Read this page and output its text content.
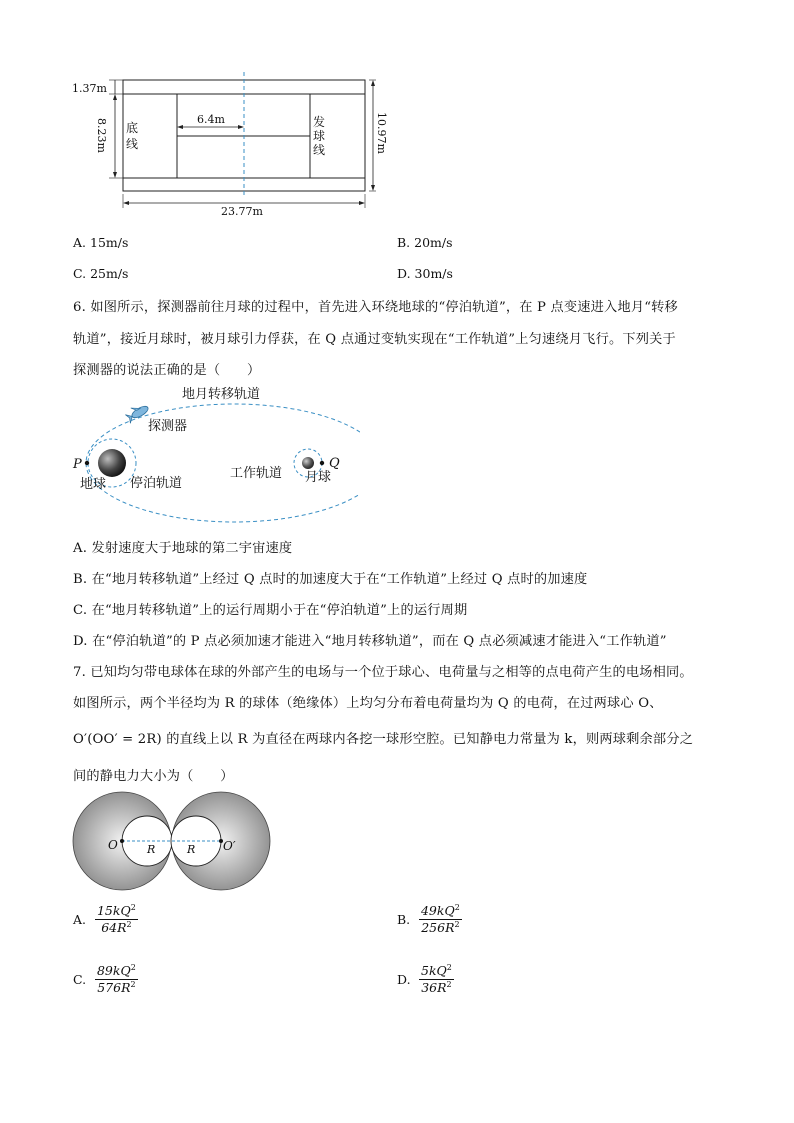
1.37m
8.23m	10.97m
6.4m
23.77m
底
线
发
球
线
A. 15m/s	B. 20m/s
C. 25m/s	D. 30m/s
6. 如图所示，探测器前往月球的过程中，首先进入环绕地球的“停泊轨道”，在 P 点变速进入地月“转移
轨道”，接近月球时，被月球引力俘获，在 Q 点通过变轨实现在“工作轨道”上匀速绕月飞行。下列关于
探测器的说法正确的是（　　）
地月转移轨道
探测器
P	Q
地球 停泊轨道
工作轨道 月球
A. 发射速度大于地球的第二宇宙速度
B. 在“地月转移轨道”上经过 Q 点时的加速度大于在“工作轨道”上经过 Q 点时的加速度
C. 在“地月转移轨道”上的运行周期小于在“停泊轨道”上的运行周期
D. 在“停泊轨道”的 P 点必须加速才能进入“地月转移轨道”，而在 Q 点必须减速才能进入“工作轨道”
7. 已知均匀带电球体在球的外部产生的电场与一个位于球心、电荷量与之相等的点电荷产生的电场相同。
如图所示，两个半径均为 R 的球体（绝缘体）上均匀分布着电荷量均为 Q 的电荷，在过两球心 O、
O′(OO′ = 2R) 的直线上以 R 为直径在两球内各挖一球形空腔。已知静电力常量为 k，则两球剩余部分之
间的静电力大小为（　　）
O	O′
R	R
A. $\frac{15kQ^2}{64R^2}$	B. $\frac{49kQ^2}{256R^2}$
C. $\frac{89kQ^2}{576R^2}$	D. $\frac{5kQ^2}{36R^2}$
